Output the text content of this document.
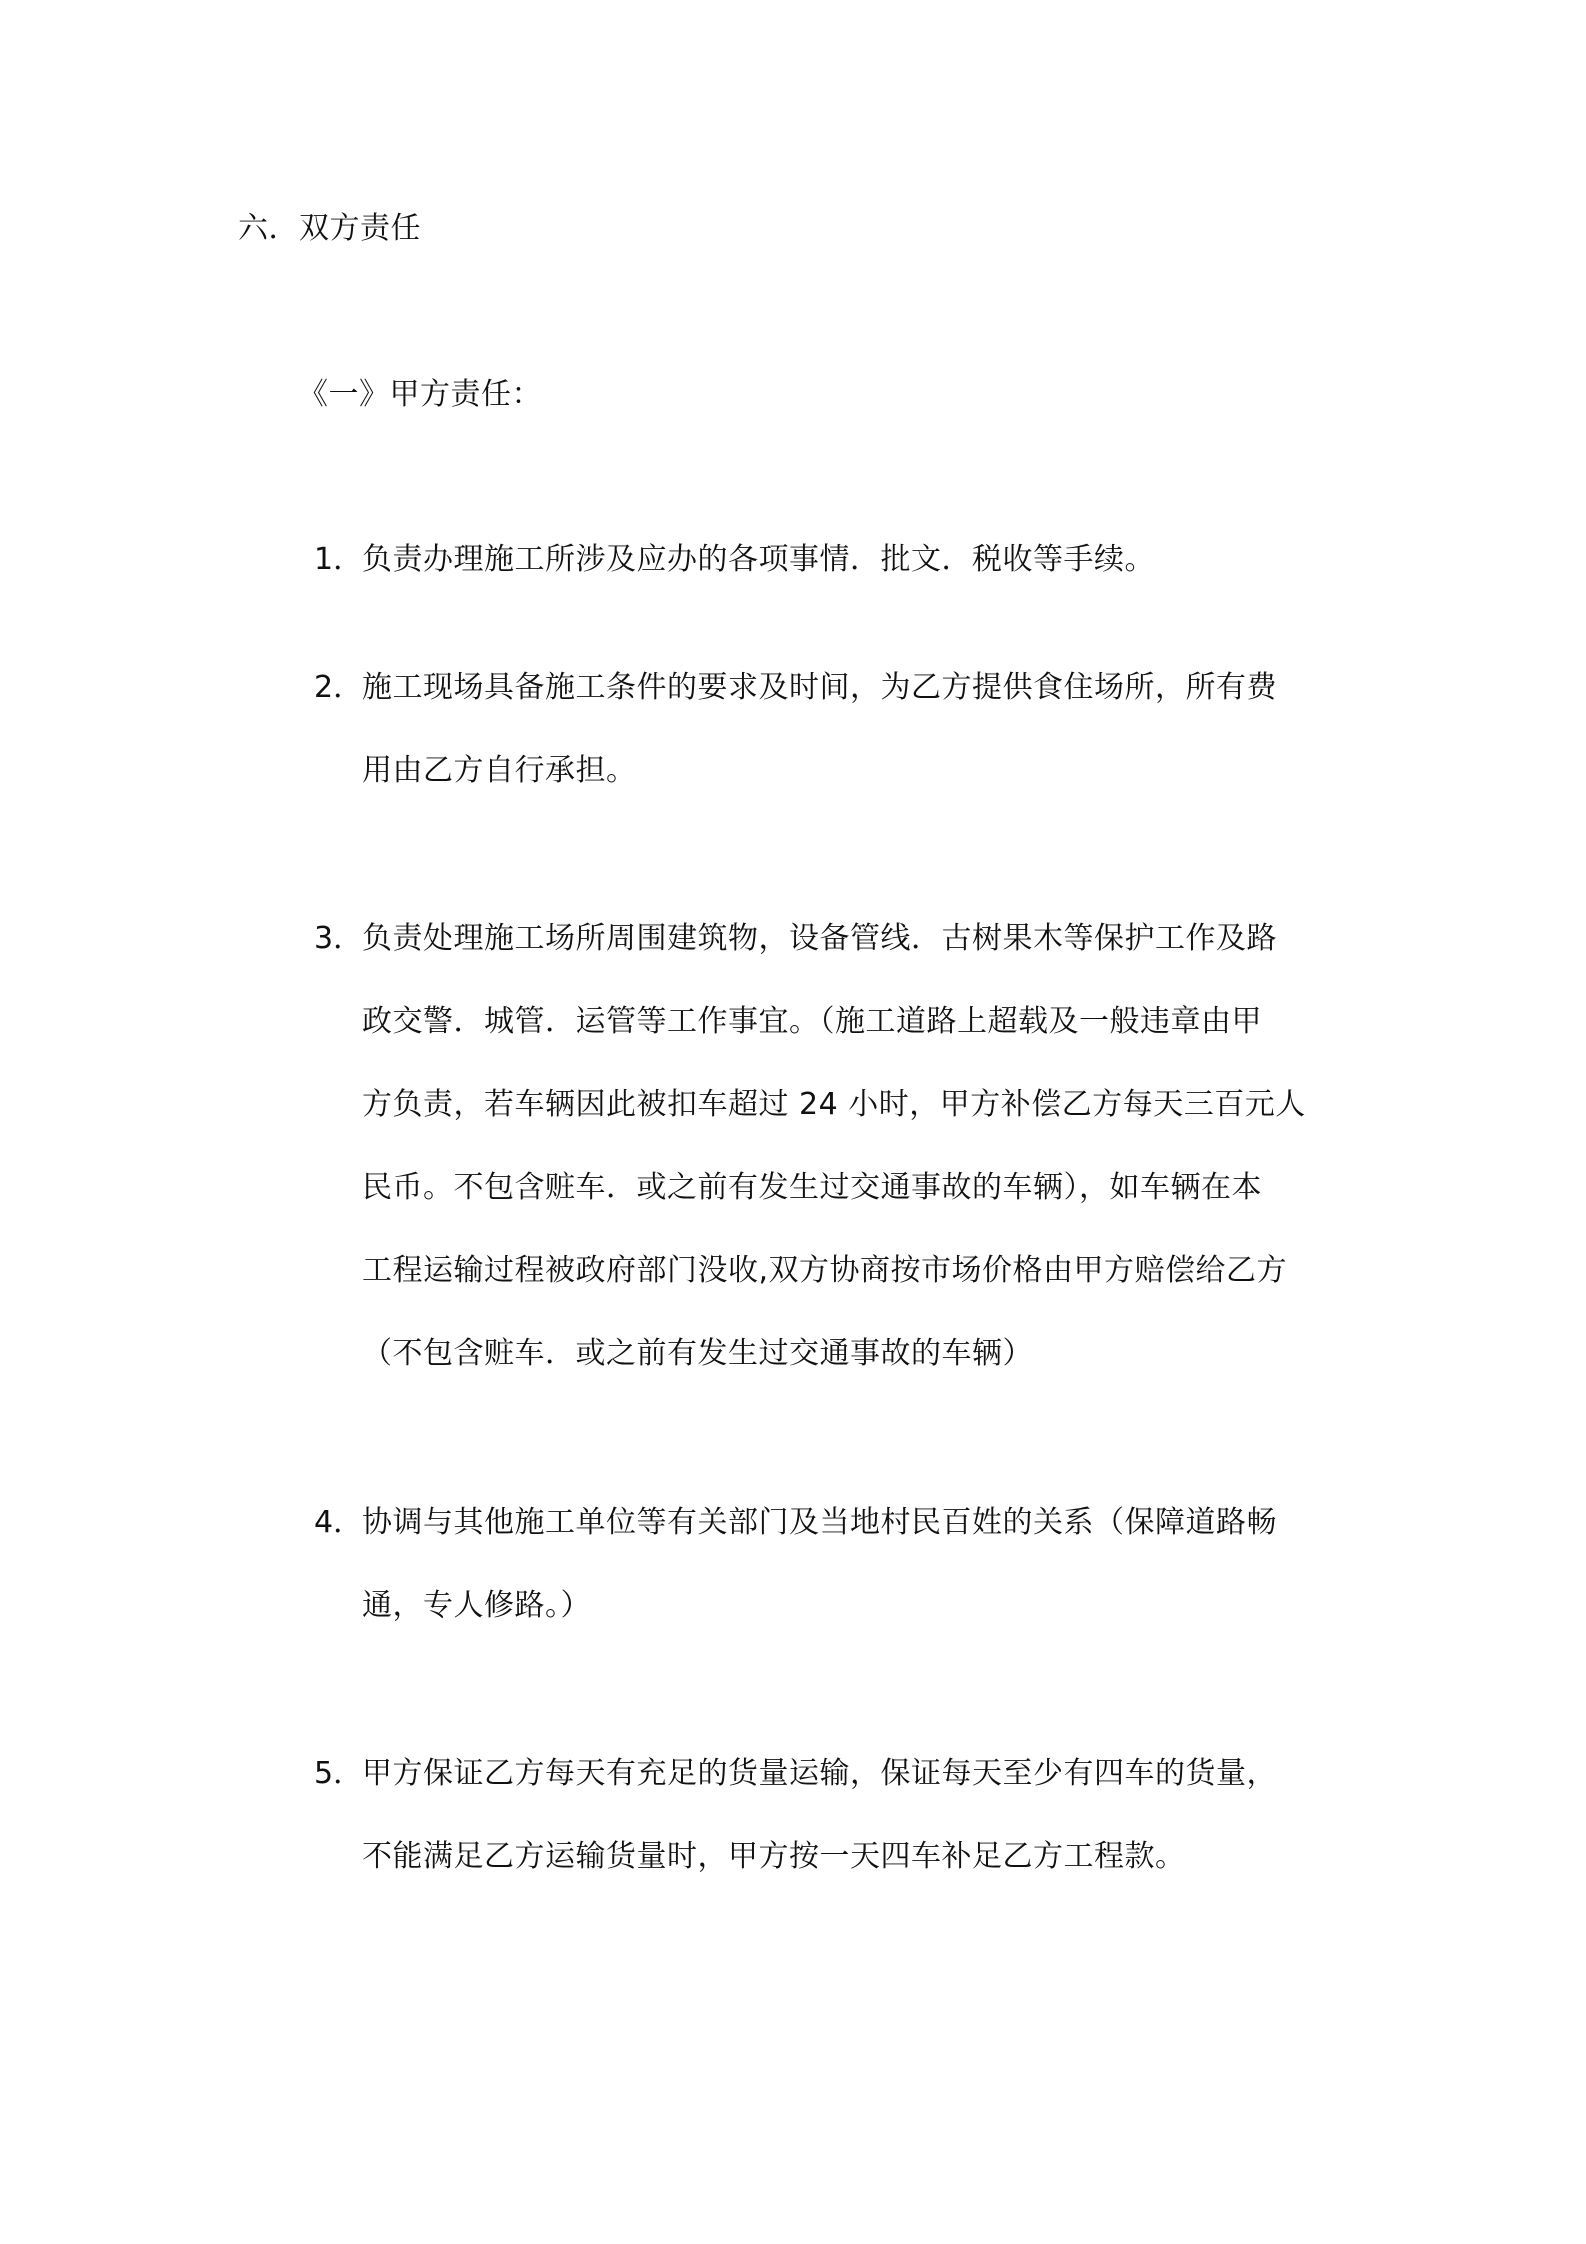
六．双方责任
《一》甲方责任：
1．
负责办理施工所涉及应办的各项事情．批文．税收等手续。
2．
施工现场具备施工条件的要求及时间，为乙方提供食住场所，所有费
用由乙方自行承担。
3．
负责处理施工场所周围建筑物，设备管线．古树果木等保护工作及路
政交警．城管．运管等工作事宜。（施工道路上超载及一般违章由甲
方负责，若车辆因此被扣车超过 24 小时，甲方补偿乙方每天三百元人
民币。不包含赃车．或之前有发生过交通事故的车辆），如车辆在本
工程运输过程被政府部门没收,双方协商按市场价格由甲方赔偿给乙方
（不包含赃车．或之前有发生过交通事故的车辆）
4．
协调与其他施工单位等有关部门及当地村民百姓的关系（保障道路畅
通，专人修路。）
5．
甲方保证乙方每天有充足的货量运输，保证每天至少有四车的货量，
不能满足乙方运输货量时，甲方按一天四车补足乙方工程款。
